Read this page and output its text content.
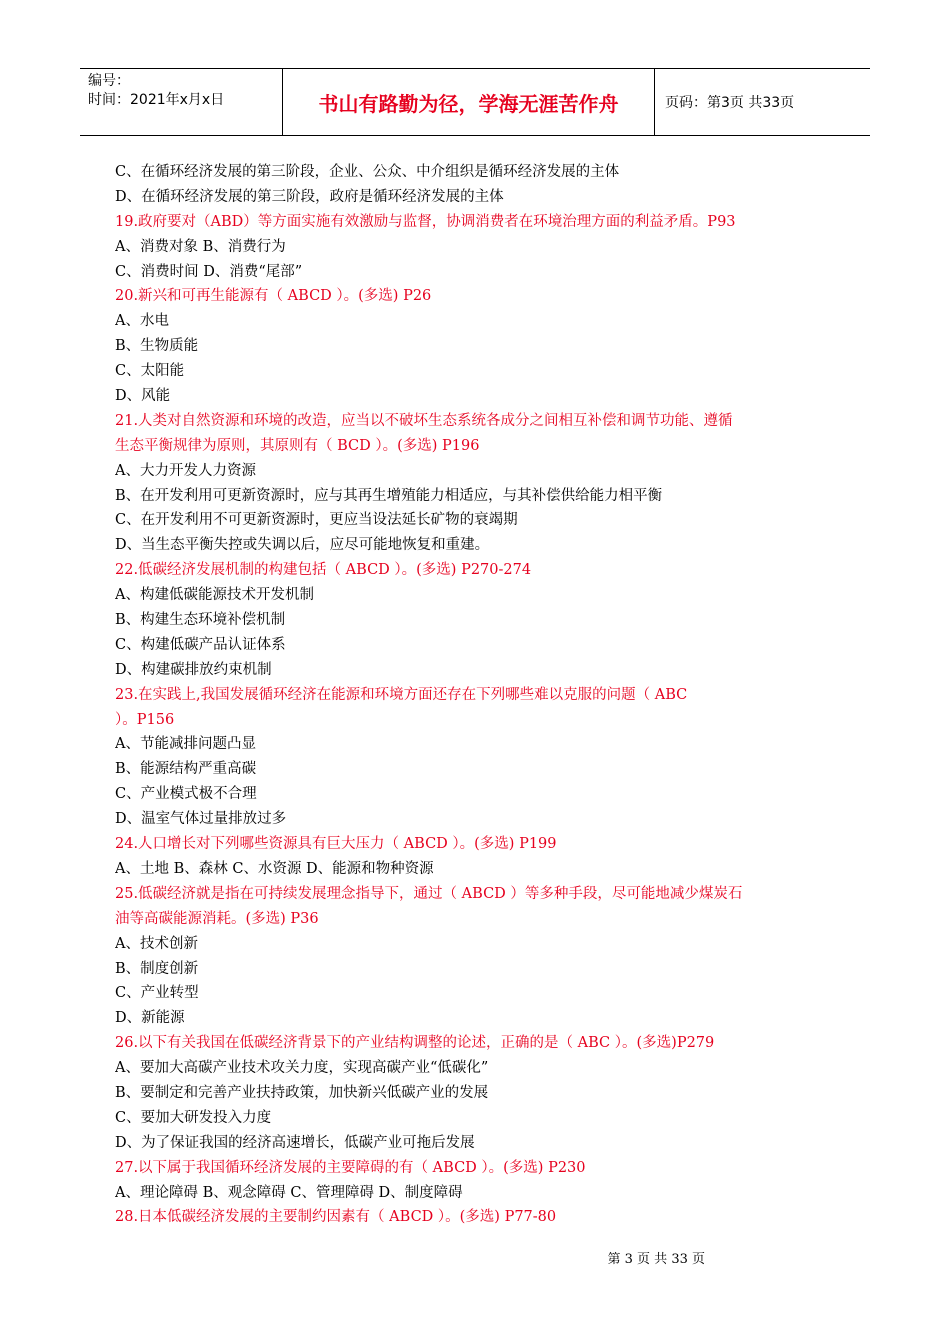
编号：
时间：2021年x月x日	书山有路勤为径，学海无涯苦作舟	页码：第3页 共33页
C、在循环经济发展的第三阶段，企业、公众、中介组织是循环经济发展的主体
D、在循环经济发展的第三阶段，政府是循环经济发展的主体
19.政府要对（ABD）等方面实施有效激励与监督，协调消费者在环境治理方面的利益矛盾。P93
A、消费对象 B、消费行为
C、消费时间 D、消费“尾部”
20.新兴和可再生能源有（ ABCD ）。(多选) P26
A、水电
B、生物质能
C、太阳能
D、风能
21.人类对自然资源和环境的改造，应当以不破坏生态系统各成分之间相互补偿和调节功能、遵循
生态平衡规律为原则，其原则有（ BCD ）。(多选) P196
A、大力开发人力资源
B、在开发利用可更新资源时，应与其再生增殖能力相适应，与其补偿供给能力相平衡
C、在开发利用不可更新资源时，更应当设法延长矿物的衰竭期
D、当生态平衡失控或失调以后，应尽可能地恢复和重建。
22.低碳经济发展机制的构建包括（ ABCD ）。(多选) P270-274
A、构建低碳能源技术开发机制
B、构建生态环境补偿机制
C、构建低碳产品认证体系
D、构建碳排放约束机制
23.在实践上,我国发展循环经济在能源和环境方面还存在下列哪些难以克服的问题（ ABC
）。P156
A、节能减排问题凸显
B、能源结构严重高碳
C、产业模式极不合理
D、温室气体过量排放过多
24.人口增长对下列哪些资源具有巨大压力（ ABCD ）。(多选) P199
A、土地 B、森林 C、水资源 D、能源和物种资源
25.低碳经济就是指在可持续发展理念指导下，通过（ ABCD ）等多种手段，尽可能地减少煤炭石
油等高碳能源消耗。(多选) P36
A、技术创新
B、制度创新
C、产业转型
D、新能源
26.以下有关我国在低碳经济背景下的产业结构调整的论述，正确的是（ ABC ）。(多选)P279
A、要加大高碳产业技术攻关力度，实现高碳产业“低碳化”
B、要制定和完善产业扶持政策，加快新兴低碳产业的发展
C、要加大研发投入力度
D、为了保证我国的经济高速增长，低碳产业可拖后发展
27.以下属于我国循环经济发展的主要障碍的有（ ABCD ）。(多选) P230
A、理论障碍 B、观念障碍 C、管理障碍 D、制度障碍
28.日本低碳经济发展的主要制约因素有（ ABCD ）。(多选) P77-80
第 3 页 共 33 页
